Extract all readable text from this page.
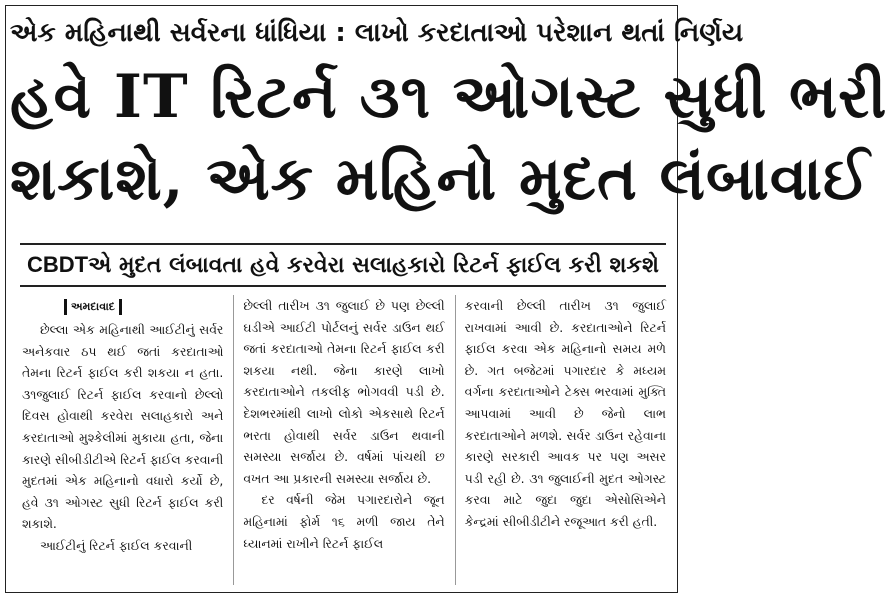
એક મહિનાથી સર્વરના ધાંધિયા : લાખો કરદાતાઓ પરેશાન થતાં નિર્ણય
હવે IT રિટર્ન ૩૧ ઓગસ્ટ સુધી ભરી
શકાશે, એક મહિનો મુદત લંબાવાઈ
CBDTએ મુદત લંબાવતા હવે કરવેરા સલાહકારો રિટર્ન ફાઈલ કરી શકશે
અમદાવાદ

છેલ્લા એક મહિનાથી આઈટીનું સર્વર અનેકવાર ઠપ થઈ જતાં કરદાતાઓ તેમના રિટર્ન ફાઈલ કરી શકયા ન હતા. ૩૧જુલાઈ રિટર્ન ફાઈલ કરવાનો છેલ્લો દિવસ હોવાથી કરવેરા સલાહકારો અને કરદાતાઓ મુશ્કેલીમાં મુકાયા હતા, જેના કારણે સીબીડીટીએ રિટર્ન ફાઈલ કરવાની મુદતમાં એક મહિનાનો વધારો કર્યો છે, હવે ૩૧ ઓગસ્ટ સુધી રિટર્ન ફાઈલ કરી શકાશે.

આઈટીનું રિટર્ન ફાઈલ કરવાની

છેલ્લી તારીખ ૩૧ જુલાઈ છે પણ છેલ્લી ઘડીએ આઈટી પોર્ટલનું સર્વર ડાઉન થઈ જતાં કરદાતાઓ તેમના રિટર્ન ફાઈલ કરી શકયા નથી. જેના કારણે લાખો કરદાતાઓને તકલીફ ભોગવવી પડી છે. દેશભરમાંથી લાખો લોકો એકસાથે રિટર્ન ભરતા હોવાથી સર્વર ડાઉન થવાની સમસ્યા સર્જાય છે. વર્ષમાં પાંચથી છ વખત આ પ્રકારની સમસ્યા સર્જાય છે.

દર વર્ષની જેમ પગારદારોને જૂન મહિનામાં ફોર્મ ૧૬ મળી જાય તેને ધ્યાનમાં રાખીને રિટર્ન ફાઈલ

કરવાની છેલ્લી તારીખ ૩૧ જુલાઈ રાખવામાં આવી છે. કરદાતાઓને રિટર્ન ફાઈલ કરવા એક મહિનાનો સમય મળે છે. ગત બજેટમાં પગારદાર કે મધ્યમ વર્ગના કરદાતાઓને ટેક્સ ભરવામાં મુક્તિ આપવામાં આવી છે જેનો લાભ કરદાતાઓને મળશે. સર્વર ડાઉન રહેવાના કારણે સરકારી આવક પર પણ અસર પડી રહી છે. ૩૧ જુલાઈની મુદત ઓગસ્ટ કરવા માટે જુદા જુદા એસોસિએને કેન્દ્રમાં સીબીડીટીને રજૂઆત કરી હતી.
